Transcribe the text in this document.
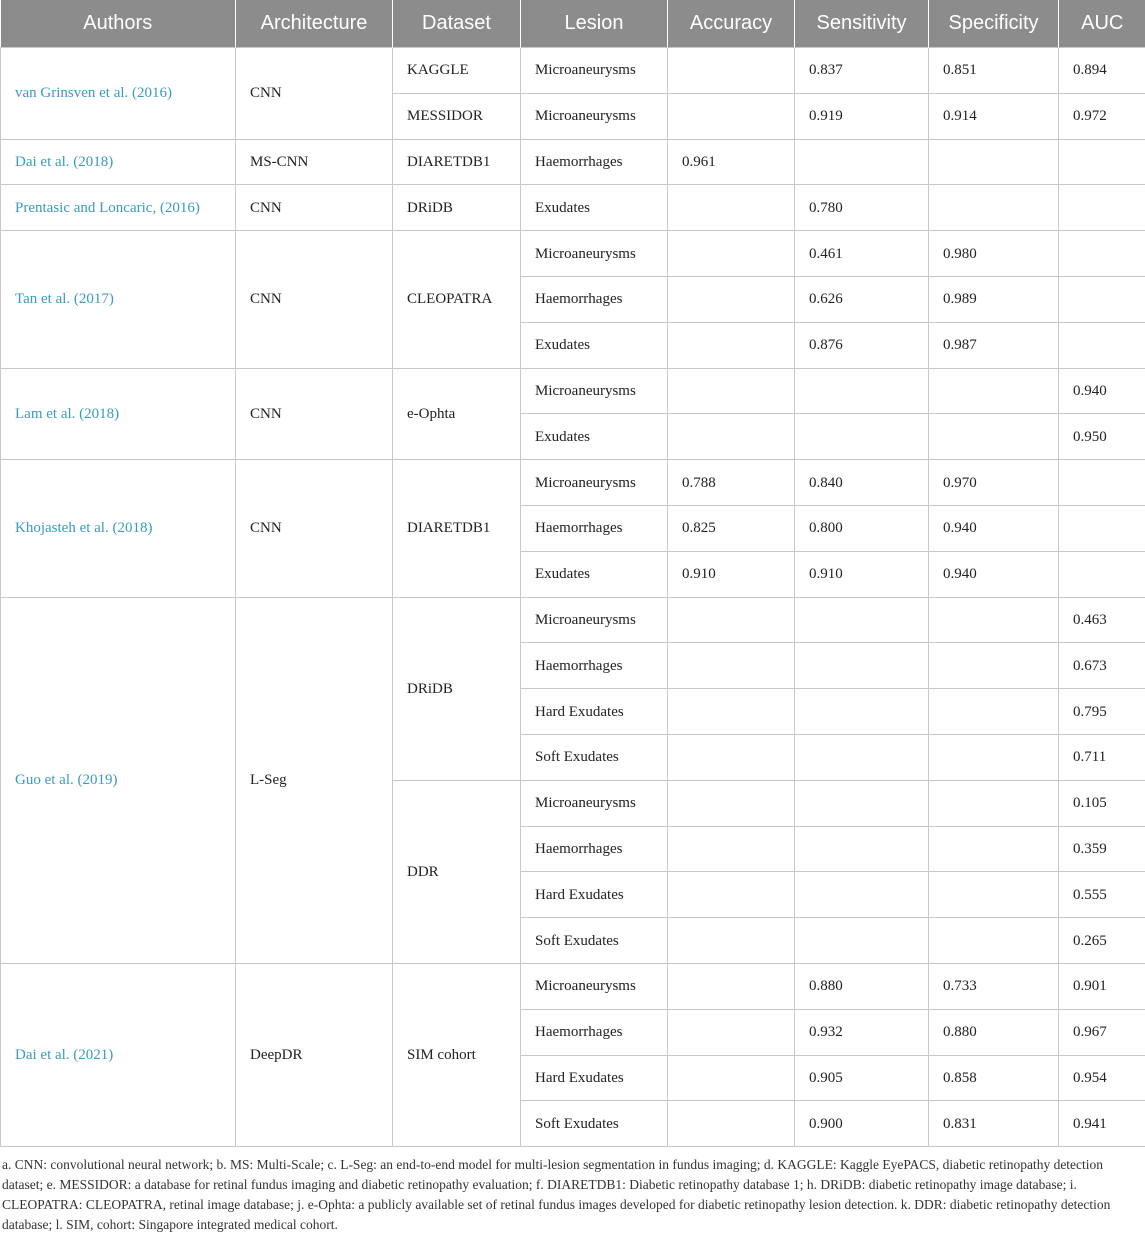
Authors	Architecture	Dataset	Lesion	Accuracy	Sensitivity	Specificity	AUC
van Grinsven et al. (2016)	CNN	KAGGLE	Microaneurysms		0.837	0.851	0.894
		MESSIDOR	Microaneurysms		0.919	0.914	0.972
Dai et al. (2018)	MS-CNN	DIARETDB1	Haemorrhages	0.961			
Prentasic and Loncaric, (2016)	CNN	DRiDB	Exudates		0.780		
Tan et al. (2017)	CNN	CLEOPATRA	Microaneurysms		0.461	0.980	
			Haemorrhages		0.626	0.989	
			Exudates		0.876	0.987	
Lam et al. (2018)	CNN	e-Ophta	Microaneurysms				0.940
			Exudates				0.950
Khojasteh et al. (2018)	CNN	DIARETDB1	Microaneurysms	0.788	0.840	0.970	
			Haemorrhages	0.825	0.800	0.940	
			Exudates	0.910	0.910	0.940	
Guo et al. (2019)	L-Seg	DRiDB	Microaneurysms				0.463
			Haemorrhages				0.673
			Hard Exudates				0.795
			Soft Exudates				0.711
		DDR	Microaneurysms				0.105
			Haemorrhages				0.359
			Hard Exudates				0.555
			Soft Exudates				0.265
Dai et al. (2021)	DeepDR	SIM cohort	Microaneurysms		0.880	0.733	0.901
			Haemorrhages		0.932	0.880	0.967
			Hard Exudates		0.905	0.858	0.954
			Soft Exudates		0.900	0.831	0.941
a. CNN: convolutional neural network; b. MS: Multi-Scale; c. L-Seg: an end-to-end model for multi-lesion segmentation in fundus imaging; d. KAGGLE: Kaggle EyePACS, diabetic retinopathy detection dataset; e. MESSIDOR: a database for retinal fundus imaging and diabetic retinopathy evaluation; f. DIARETDB1: Diabetic retinopathy database 1; h. DRiDB: diabetic retinopathy image database; i. CLEOPATRA: CLEOPATRA, retinal image database; j. e-Ophta: a publicly available set of retinal fundus images developed for diabetic retinopathy lesion detection. k. DDR: diabetic retinopathy detection database; l. SIM, cohort: Singapore integrated medical cohort.
